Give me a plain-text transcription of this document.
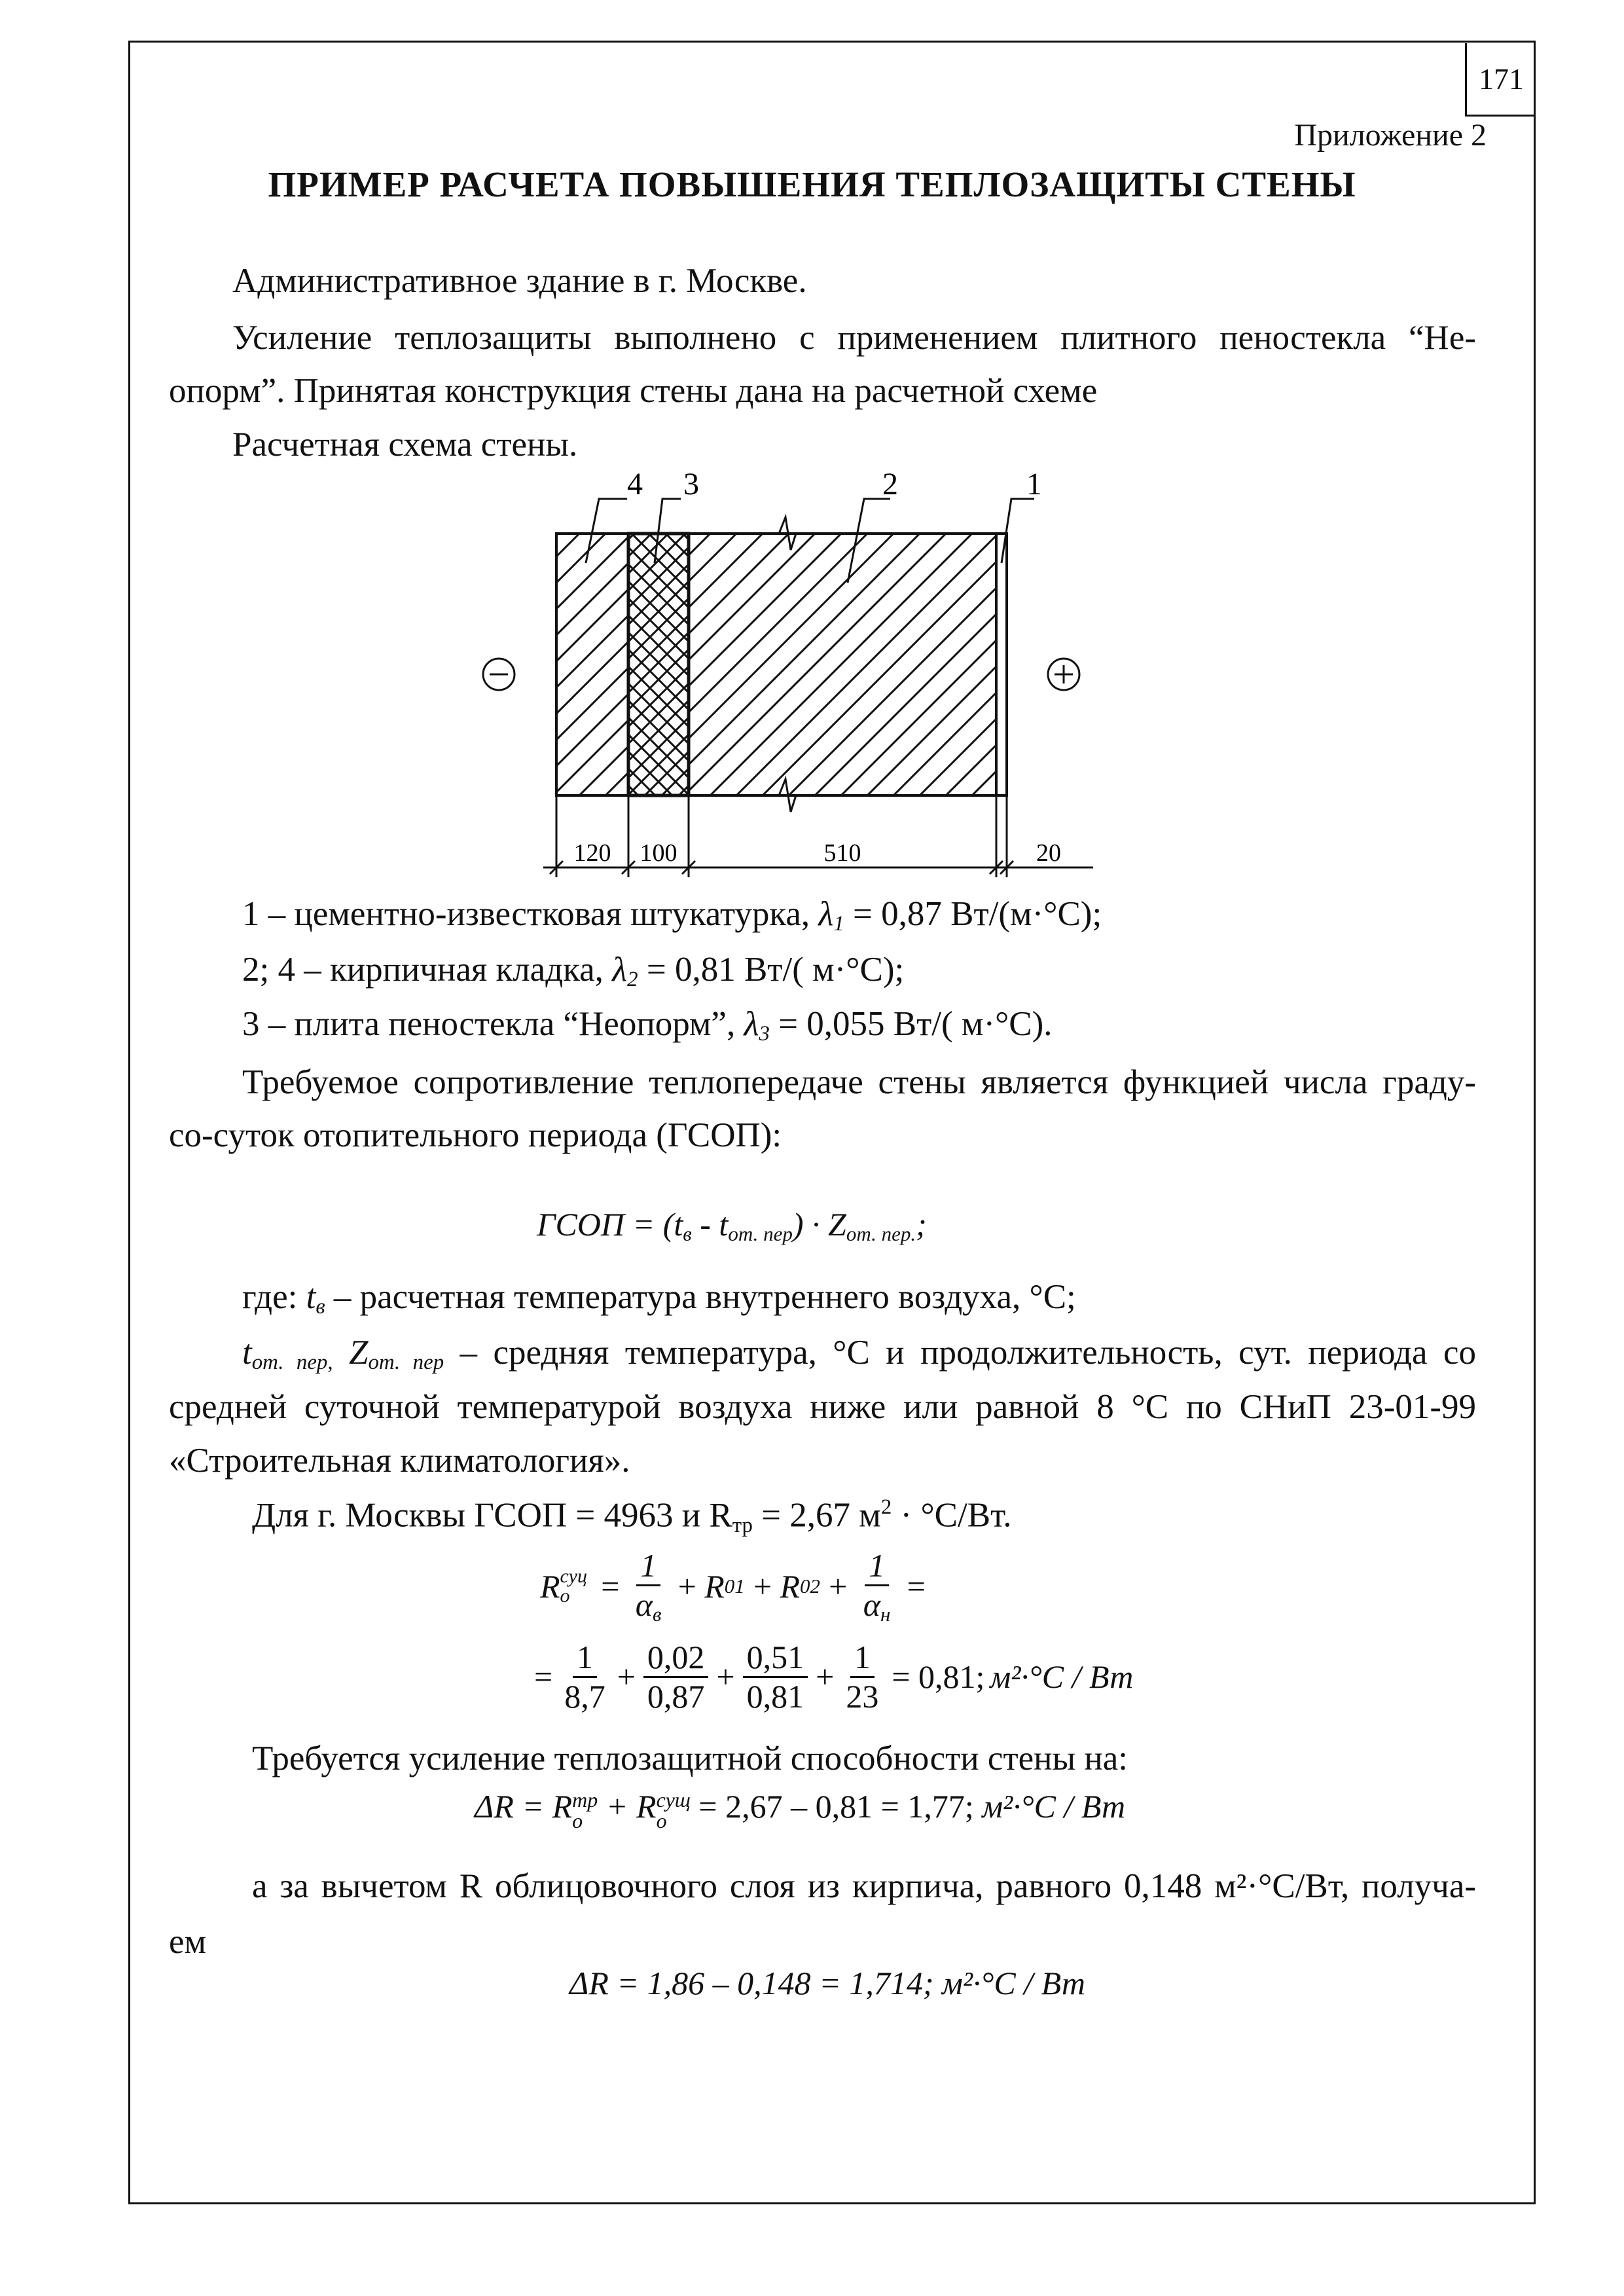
171
Приложение 2
ПРИМЕР РАСЧЕТА ПОВЫШЕНИЯ ТЕПЛОЗАЩИТЫ СТЕНЫ
Административное здание в г. Москве.
Усиление теплозащиты выполнено с применением плитного пеностекла “Не-
опорм”. Принятая конструкция стены дана на расчетной схеме
Расчетная схема стены.
4 3	2	1
120 100	510	20
1 – цементно-известковая штукатурка, $\lambda_1 = 0,87$ Вт/(м·°С);
2; 4 – кирпичная кладка, $\lambda_2 = 0,81$ Вт/( м·°С);
3 – плита пеностекла “Неопорм”, $\lambda_3 = 0,055$ Вт/( м·°С).
Требуемое сопротивление теплопередаче стены является функцией числа граду-
со-суток отопительного периода (ГСОП):
ГСОП = $(t_в - t_{от. пер}) \cdot Z_{от. пер.}$;
где: $t_в$ – расчетная температура внутреннего воздуха, °С;
$t_{от. пер,}$ $Z_{от. пер}$ – средняя температура, °С и продолжительность, сут. периода со
средней суточной температурой воздуха ниже или равной 8 °С по СНиП 23-01-99
«Строительная климатология».
Для г. Москвы ГСОП = 4963 и $R_{тр} = 2,67$ $м^2 \cdot ^\circ С/Вт$.
R суц
$о = \frac{1}{\alpha_в} + R$ 01 + R $02 + \frac{1}{\alpha_н}$ =
= $\frac{1}{8,7} + \frac{0,02}{0,87} + \frac{0,51}{0,81} + \frac{1}{23} = 0,81$; м²·°С / Вт
Требуется усиление теплозащитной способности стены на:
ΔR = R тр
о + R сущ
о = 2,67 – 0,81 = 1,77; м²·°С / Вт
а за вычетом R облицовочного слоя из кирпича, равного 0,148 м²·°С/Вт, получа-
ем
ΔR = 1,86 – 0,148 = 1,714; м²·°С / Вт
